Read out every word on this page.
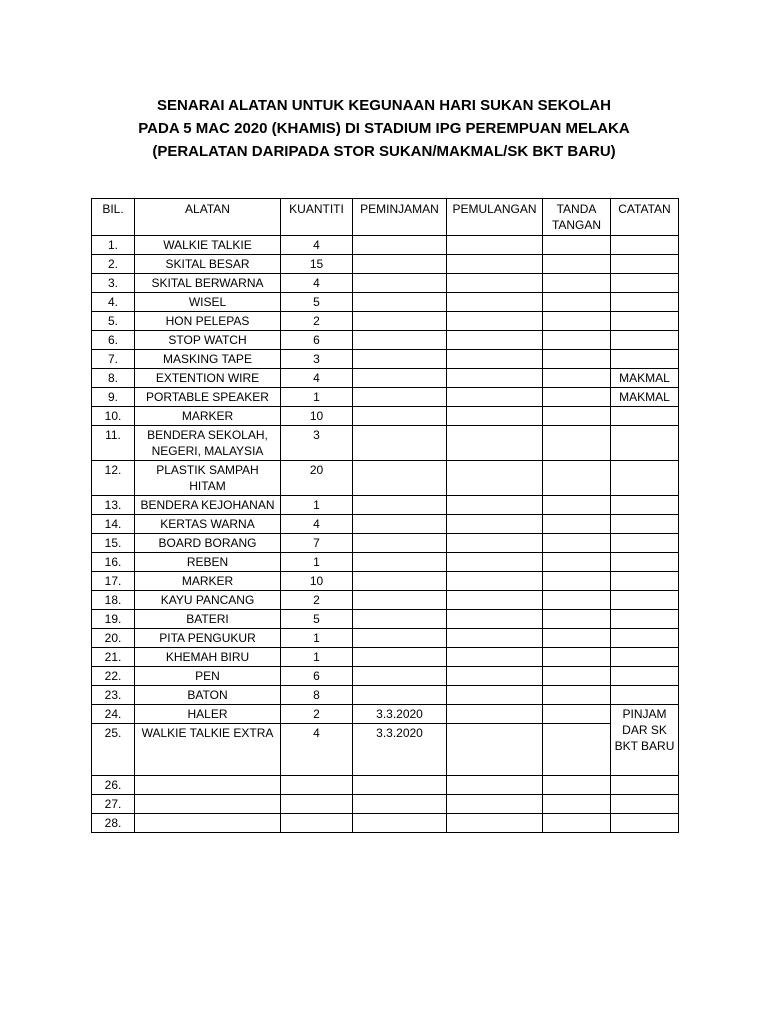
SENARAI ALATAN UNTUK KEGUNAAN HARI SUKAN SEKOLAH
PADA 5 MAC 2020 (KHAMIS) DI STADIUM IPG PEREMPUAN MELAKA
(PERALATAN DARIPADA STOR SUKAN/MAKMAL/SK BKT BARU)
BIL.	ALATAN	KUANTITI	PEMINJAMAN	PEMULANGAN	TANDA TANGAN	CATATAN
1.	WALKIE TALKIE	4				
2.	SKITAL BESAR	15				
3.	SKITAL BERWARNA	4				
4.	WISEL	5				
5.	HON PELEPAS	2				
6.	STOP WATCH	6				
7.	MASKING TAPE	3				
8.	EXTENTION WIRE	4				MAKMAL
9.	PORTABLE SPEAKER	1				MAKMAL
10.	MARKER	10				
11.	BENDERA SEKOLAH, NEGERI, MALAYSIA	3				
12.	PLASTIK SAMPAH HITAM	20				
13.	BENDERA KEJOHANAN	1				
14.	KERTAS WARNA	4				
15.	BOARD BORANG	7				
16.	REBEN	1				
17.	MARKER	10				
18.	KAYU PANCANG	2				
19.	BATERI	5				
20.	PITA PENGUKUR	1				
21.	KHEMAH BIRU	1				
22.	PEN	6				
23.	BATON	8				
24.	HALER	2	3.3.2020			PINJAM DAR SK BKT BARU
25.	WALKIE TALKIE EXTRA	4	3.3.2020			
26.						
27.						
28.						
